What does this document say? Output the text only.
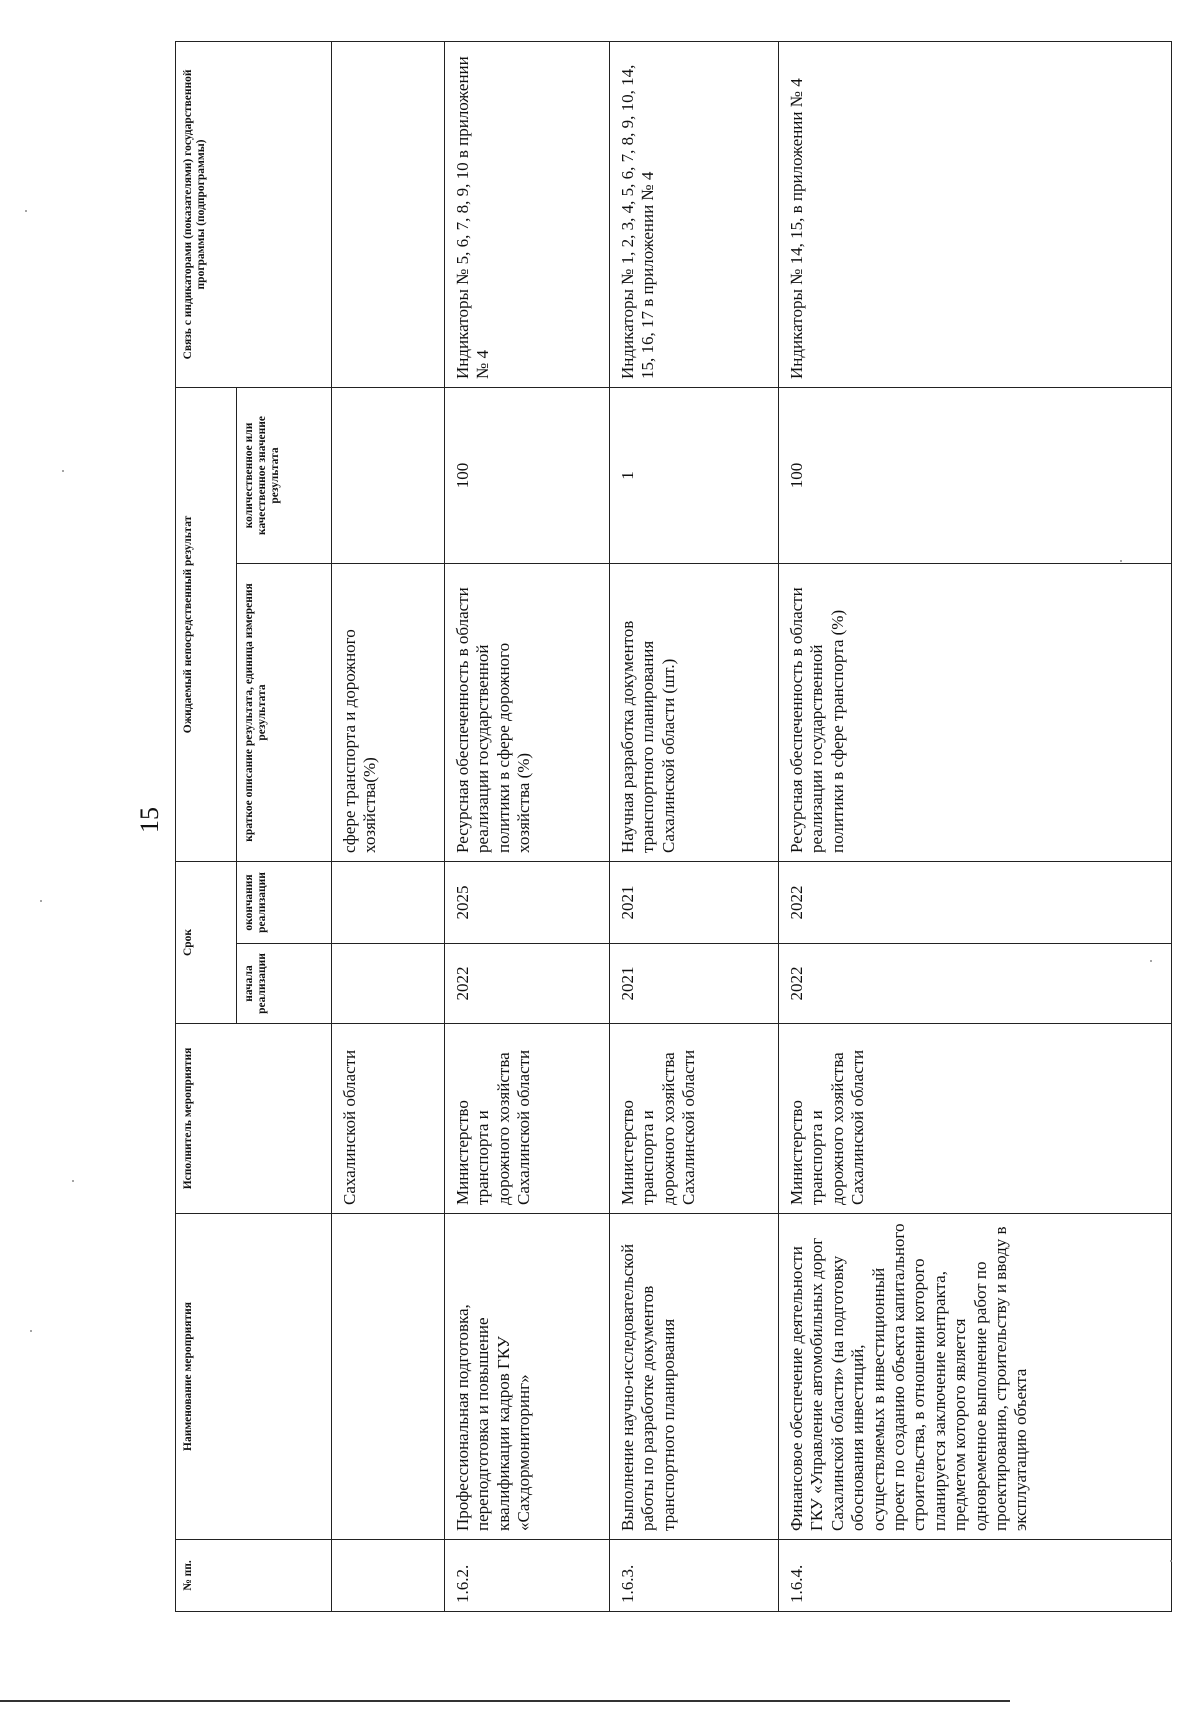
15
№ пп.	Наименование мероприятия	Исполнитель мероприятия	Срок		Ожидаемый непосредственный результат		Связь с индикаторами (показателями) государственной программы (подпрограммы)
			начала реализации	окончания реализации	краткое описание результата, единица измерения результата	количественное или качественное значение результата	
		Сахалинской области			сфере транспорта и дорожного хозяйства(%)		
1.6.2.	Профессиональная подготовка, переподготовка и повышение квалификации кадров ГКУ «Сахдормониторинг»	Министерство транспорта и дорожного хозяйства Сахалинской области	2022	2025	Ресурсная обеспеченность в области реализации государственной политики в сфере дорожного хозяйства (%)	100	Индикаторы № 5, 6, 7, 8, 9, 10 в приложении № 4
1.6.3.	Выполнение научно-исследовательской работы по разработке документов транспортного планирования	Министерство транспорта и дорожного хозяйства Сахалинской области	2021	2021	Научная разработка документов транспортного планирования Сахалинской области (шт.)	1	Индикаторы № 1, 2, 3, 4, 5, 6, 7, 8, 9, 10, 14, 15, 16, 17 в приложении № 4
1.6.4.	Финансовое обеспечение деятельности ГКУ «Управление автомобильных дорог Сахалинской области» (на подготовку обоснования инвестиций, осуществляемых в инвестиционный проект по созданию объекта капитального строительства, в отношении которого планируется заключение контракта, предметом которого является одновременное выполнение работ по проектированию, строительству и вводу в эксплуатацию объекта	Министерство транспорта и дорожного хозяйства Сахалинской области	2022	2022	Ресурсная обеспеченность в области реализации государственной политики в сфере транспорта (%)	100	Индикаторы № 14, 15, в приложении № 4
